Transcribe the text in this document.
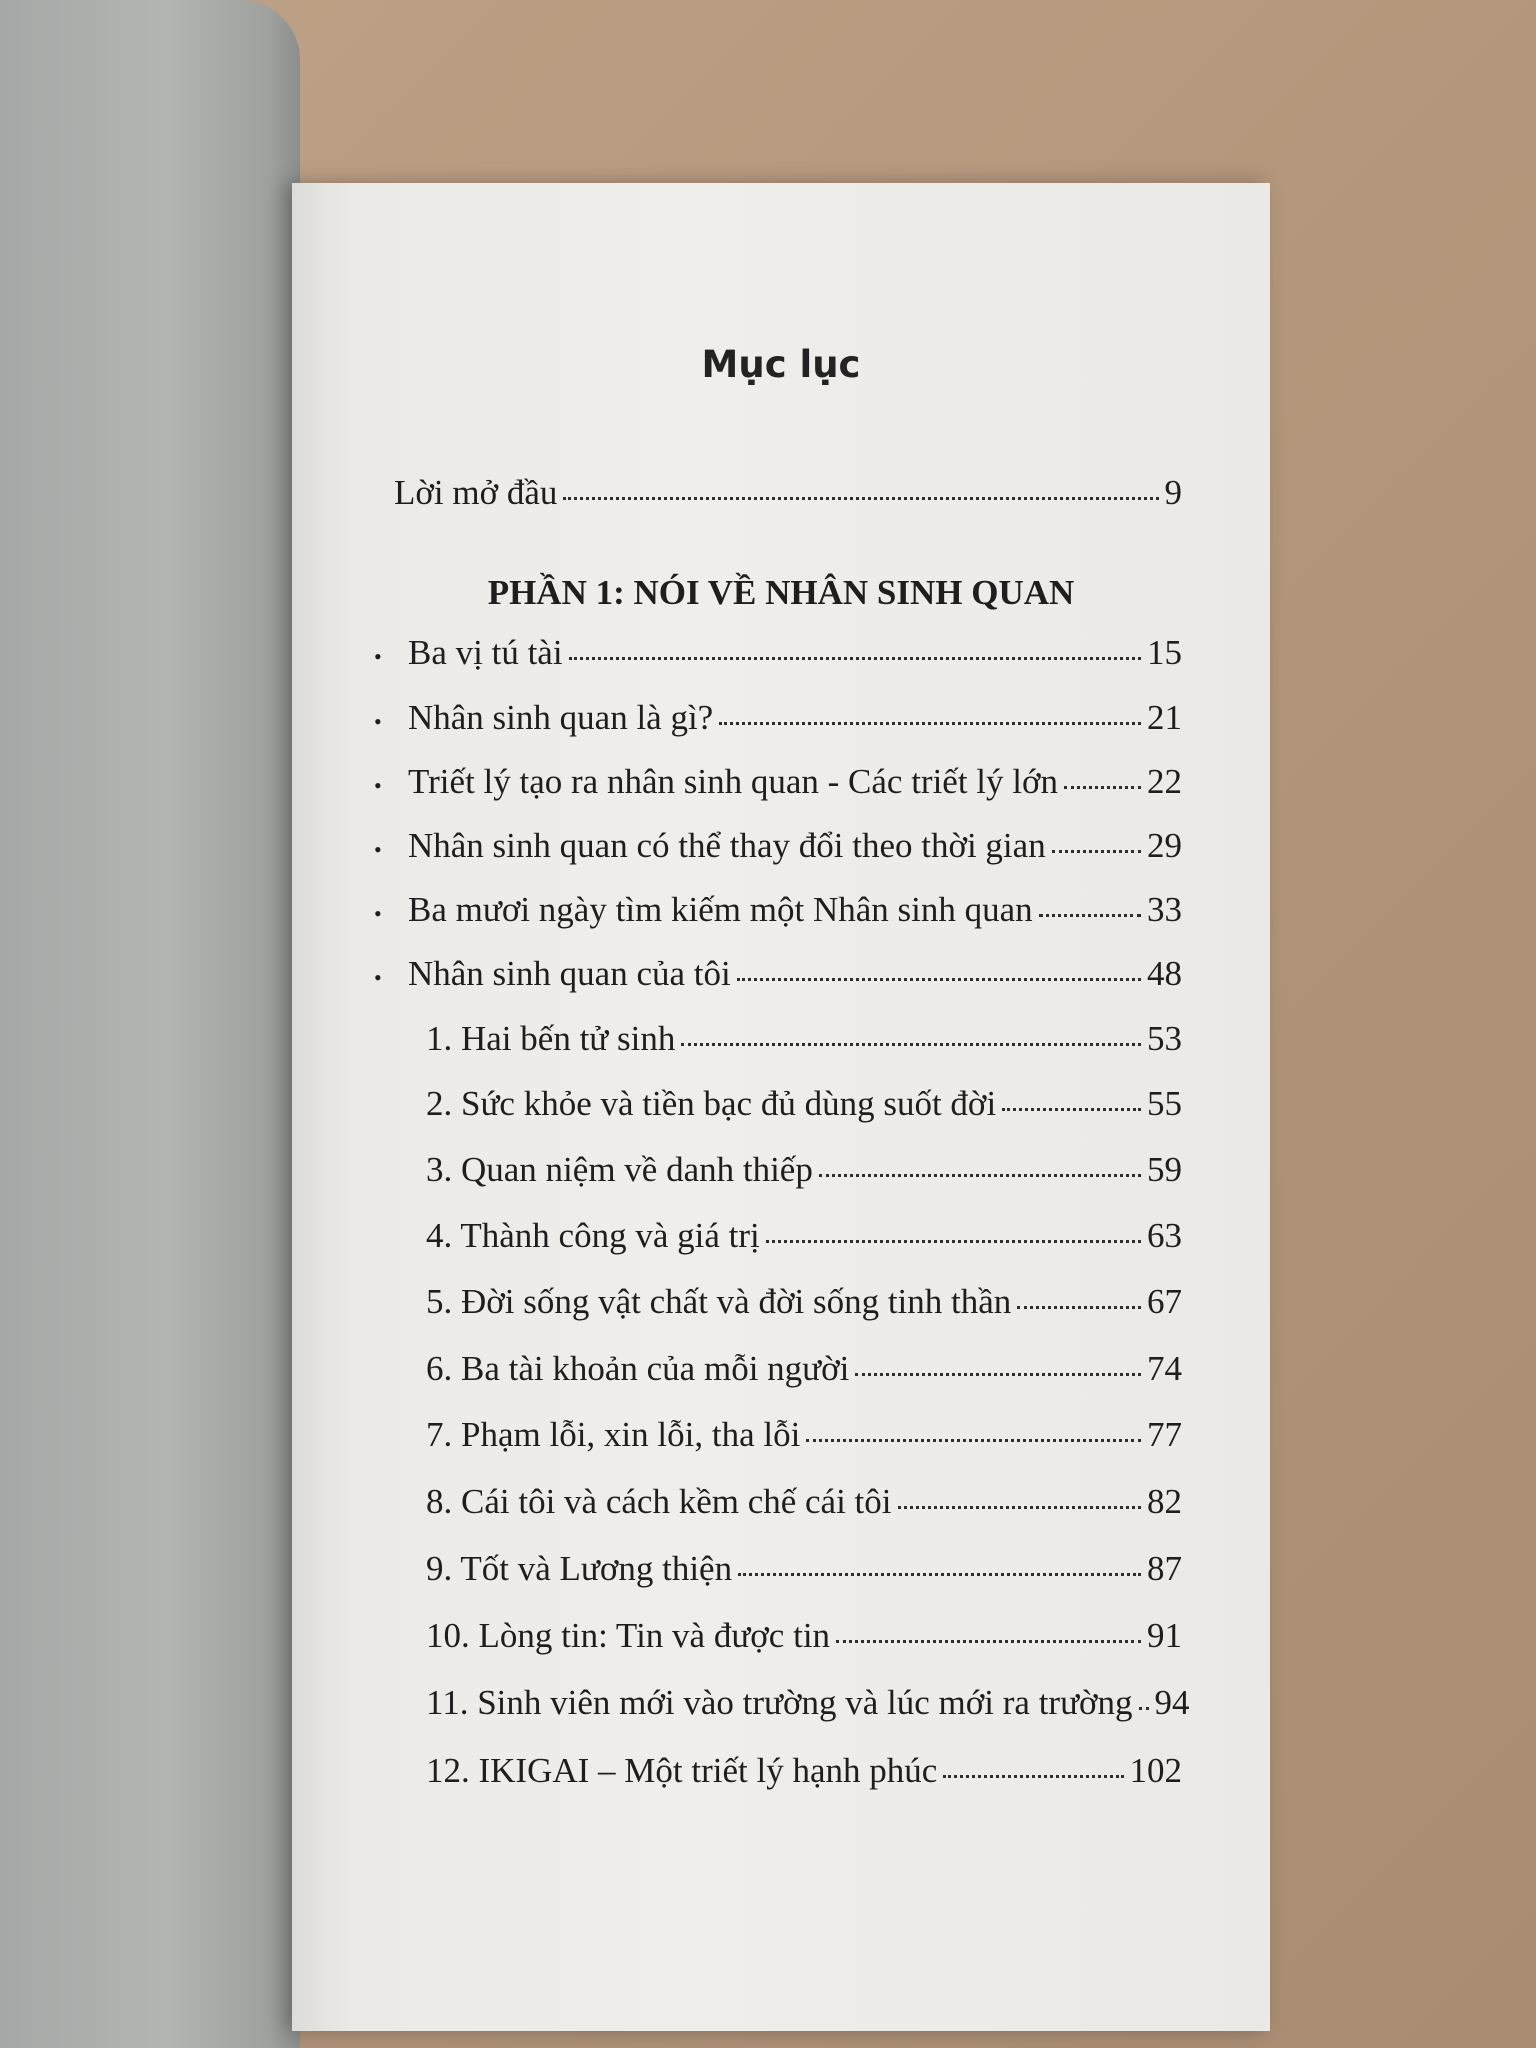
Mục lục
Lời mở đầu	9
PHẦN 1: NÓI VỀ NHÂN SINH QUAN
• Ba vị tú tài	15
• Nhân sinh quan là gì?	21
• Triết lý tạo ra nhân sinh quan - Các triết lý lớn	22
• Nhân sinh quan có thể thay đổi theo thời gian	29
• Ba mươi ngày tìm kiếm một Nhân sinh quan	33
• Nhân sinh quan của tôi	48
1. Hai bến tử sinh	53
2. Sức khỏe và tiền bạc đủ dùng suốt đời	55
3. Quan niệm về danh thiếp	59
4. Thành công và giá trị	63
5. Đời sống vật chất và đời sống tinh thần	67
6. Ba tài khoản của mỗi người	74
7. Phạm lỗi, xin lỗi, tha lỗi	77
8. Cái tôi và cách kềm chế cái tôi	82
9. Tốt và Lương thiện	87
10. Lòng tin: Tin và được tin	91
11. Sinh viên mới vào trường và lúc mới ra trường 94
12. IKIGAI – Một triết lý hạnh phúc	102
